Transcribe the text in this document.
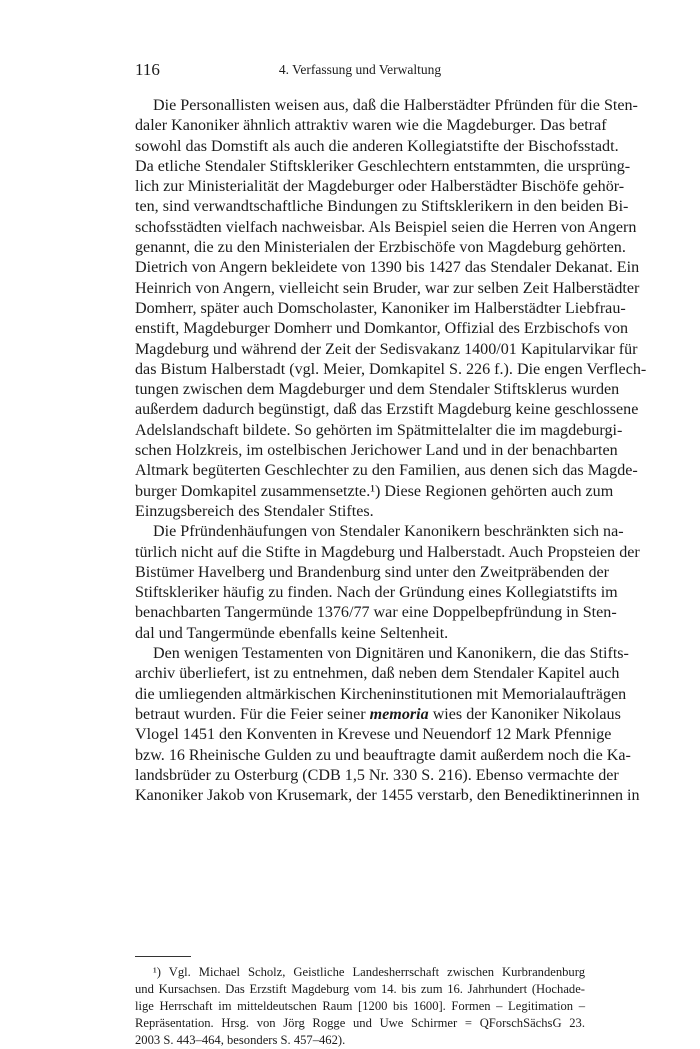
116	4. Verfassung und Verwaltung
Die Personallisten weisen aus, daß die Halberstädter Pfründen für die Sten-
daler Kanoniker ähnlich attraktiv waren wie die Magdeburger. Das betraf
sowohl das Domstift als auch die anderen Kollegiatstifte der Bischofsstadt.
Da etliche Stendaler Stiftskleriker Geschlechtern entstammten, die ursprüng-
lich zur Ministerialität der Magdeburger oder Halberstädter Bischöfe gehör-
ten, sind verwandtschaftliche Bindungen zu Stiftsklerikern in den beiden Bi-
schofsstädten vielfach nachweisbar. Als Beispiel seien die Herren von Angern
genannt, die zu den Ministerialen der Erzbischöfe von Magdeburg gehörten.
Dietrich von Angern bekleidete von 1390 bis 1427 das Stendaler Dekanat. Ein
Heinrich von Angern, vielleicht sein Bruder, war zur selben Zeit Halberstädter
Domherr, später auch Domscholaster, Kanoniker im Halberstädter Liebfrau-
enstift, Magdeburger Domherr und Domkantor, Offizial des Erzbischofs von
Magdeburg und während der Zeit der Sedisvakanz 1400/01 Kapitularvikar für
das Bistum Halberstadt (vgl. Meier, Domkapitel S. 226 f.). Die engen Verflech-
tungen zwischen dem Magdeburger und dem Stendaler Stiftsklerus wurden
außerdem dadurch begünstigt, daß das Erzstift Magdeburg keine geschlossene
Adelslandschaft bildete. So gehörten im Spätmittelalter die im magdeburgi-
schen Holzkreis, im ostelbischen Jerichower Land und in der benachbarten
Altmark begüterten Geschlechter zu den Familien, aus denen sich das Magde-
burger Domkapitel zusammensetzte.¹) Diese Regionen gehörten auch zum
Einzugsbereich des Stendaler Stiftes.
Die Pfründenhäufungen von Stendaler Kanonikern beschränkten sich na-
türlich nicht auf die Stifte in Magdeburg und Halberstadt. Auch Propsteien der
Bistümer Havelberg und Brandenburg sind unter den Zweitpräbenden der
Stiftskleriker häufig zu finden. Nach der Gründung eines Kollegiatstifts im
benachbarten Tangermünde 1376/77 war eine Doppelbepfründung in Sten-
dal und Tangermünde ebenfalls keine Seltenheit.
Den wenigen Testamenten von Dignitären und Kanonikern, die das Stifts-
archiv überliefert, ist zu entnehmen, daß neben dem Stendaler Kapitel auch
die umliegenden altmärkischen Kircheninstitutionen mit Memorialaufträgen
betraut wurden. Für die Feier seiner memoria wies der Kanoniker Nikolaus
Vlogel 1451 den Konventen in Krevese und Neuendorf 12 Mark Pfennige
bzw. 16 Rheinische Gulden zu und beauftragte damit außerdem noch die Ka-
landsbrüder zu Osterburg (CDB 1,5 Nr. 330 S. 216). Ebenso vermachte der
Kanoniker Jakob von Krusemark, der 1455 verstarb, den Benediktinerinnen in
¹) Vgl. Michael Scholz, Geistliche Landesherrschaft zwischen Kurbrandenburg
und Kursachsen. Das Erzstift Magdeburg vom 14. bis zum 16. Jahrhundert (Hochade-
lige Herrschaft im mitteldeutschen Raum [1200 bis 1600]. Formen – Legitimation –
Repräsentation. Hrsg. von Jörg Rogge und Uwe Schirmer = QForschSächsG 23.
2003 S. 443–464, besonders S. 457–462).
